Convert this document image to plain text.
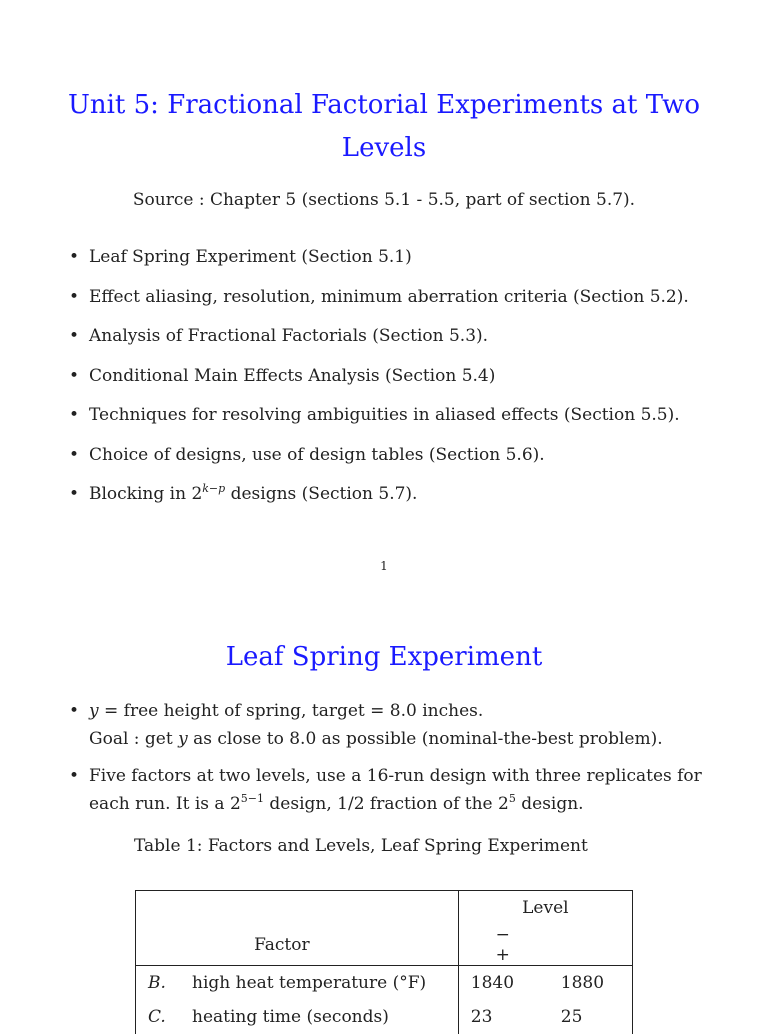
Unit 5: Fractional Factorial Experiments at Two Levels
Source : Chapter 5 (sections 5.1 - 5.5, part of section 5.7).
• Leaf Spring Experiment (Section 5.1)
• Effect aliasing, resolution, minimum aberration criteria (Section 5.2).
• Analysis of Fractional Factorials (Section 5.3).
• Conditional Main Effects Analysis (Section 5.4)
• Techniques for resolving ambiguities in aliased effects (Section 5.5).
• Choice of designs, use of design tables (Section 5.6).
• Blocking in $2^{k-p}$ designs (Section 5.7).
1
Leaf Spring Experiment
• y = free height of spring, target = 8.0 inches.
Goal : get y as close to 8.0 as possible (nominal-the-best problem).
• Five factors at two levels, use a 16-run design with three replicates for each run. It is a $2^{5-1}$ design, 1/2 fraction of the $2^5$ design.
Table 1: Factors and Levels, Leaf Spring Experiment
	Level
Factor	−+
B. high heat temperature (°F)	1840 1880
C. heating time (seconds)	23 25
